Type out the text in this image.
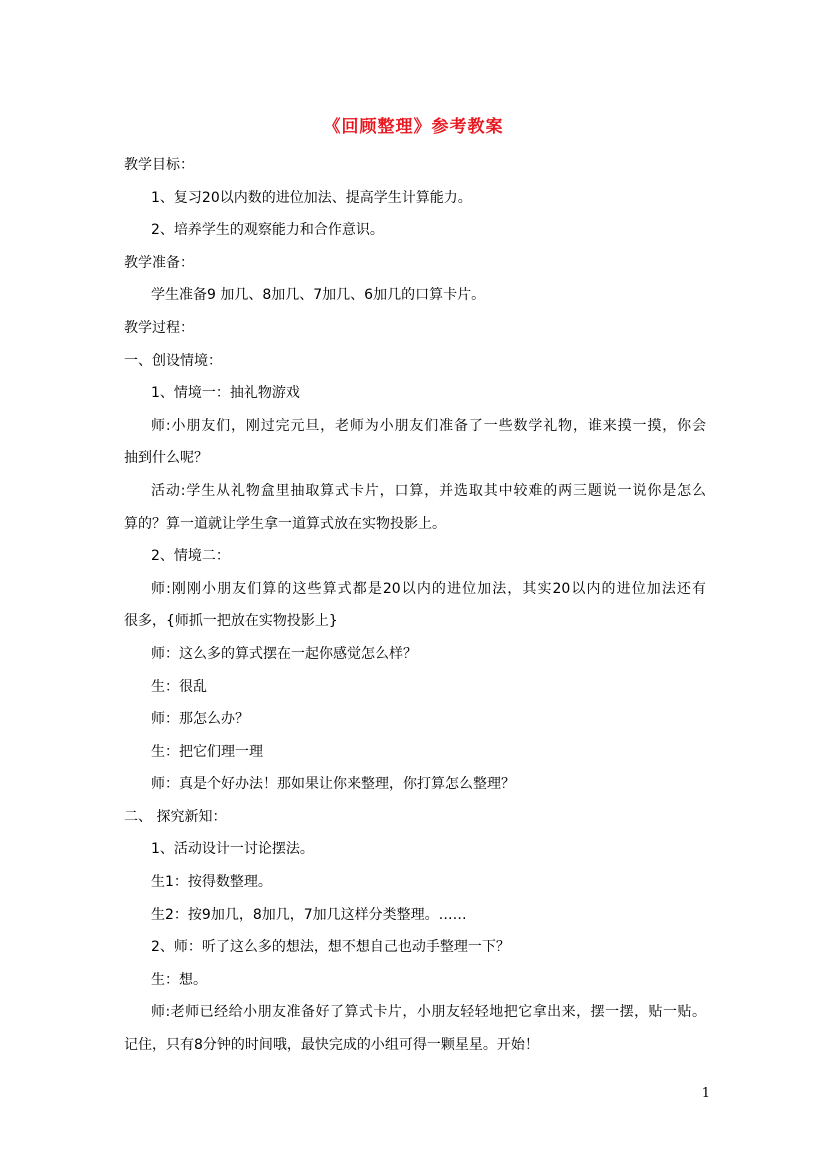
《回顾整理》参考教案
教学目标：
1、复习20以内数的进位加法、提高学生计算能力。
2、培养学生的观察能力和合作意识。
教学准备：
学生准备9 加几、8加几、7加几、6加几的口算卡片。
教学过程：
一、创设情境：
1、情境一：抽礼物游戏
师:小朋友们，刚过完元旦，老师为小朋友们准备了一些数学礼物，谁来摸一摸，你会
抽到什么呢？
活动:学生从礼物盒里抽取算式卡片，口算，并选取其中较难的两三题说一说你是怎么
算的？算一道就让学生拿一道算式放在实物投影上。
2、情境二：
师:刚刚小朋友们算的这些算式都是20以内的进位加法，其实20以内的进位加法还有
很多，{师抓一把放在实物投影上}
师：这么多的算式摆在一起你感觉怎么样？
生：很乱
师：那怎么办？
生：把它们理一理
师：真是个好办法！那如果让你来整理，你打算怎么整理？
二、 探究新知：
1、活动设计一讨论摆法。
生1：按得数整理。
生2：按9加几，8加几，7加几这样分类整理。……
2、师：听了这么多的想法，想不想自己也动手整理一下？
生：想。
师:老师已经给小朋友准备好了算式卡片，小朋友轻轻地把它拿出来，摆一摆，贴一贴。
记住，只有8分钟的时间哦，最快完成的小组可得一颗星星。开始！
1
